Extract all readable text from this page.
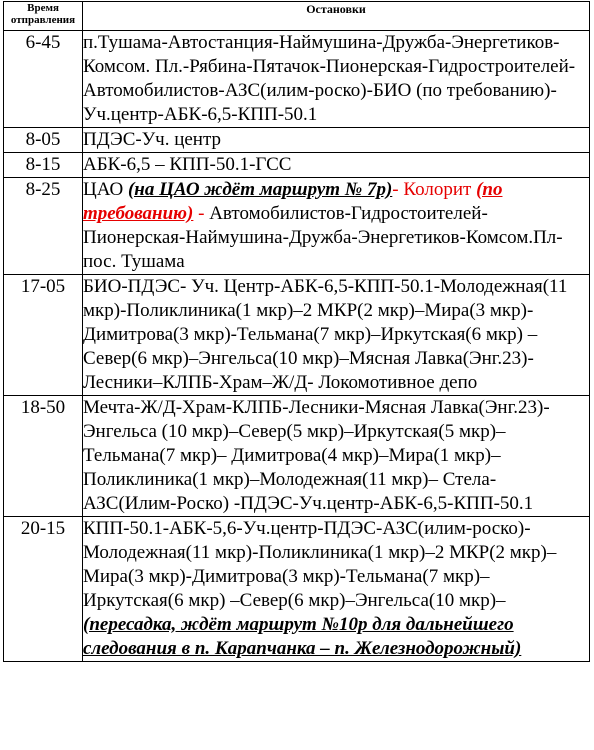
Время отправления	Остановки
6-45	п.Тушама-Автостанция-Наймушина-Дружба-Энергетиков-Комсом. Пл.-Рябина-Пятачок-Пионерская-Гидростроителей-Автомобилистов-АЗС(илим-роско)-БИО (по требованию)-Уч.центр-АБК-6,5-КПП-50.1
8-05	ПДЭС-Уч. центр
8-15	АБК-6,5 – КПП-50.1-ГСС
8-25	ЦАО (на ЦАО ждёт маршрут № 7р)- Колорит (по требованию) - Автомобилистов-Гидростоителей-Пионерская-Наймушина-Дружба-Энергетиков-Комсом.Пл-пос. Тушама
17-05	БИО-ПДЭС- Уч. Центр-АБК-6,5-КПП-50.1-Молодежная(11 мкр)-Поликлиника(1 мкр)–2 МКР(2 мкр)–Мира(3 мкр)-Димитрова(3 мкр)-Тельмана(7 мкр)–Иркутская(6 мкр) –Север(6 мкр)–Энгельса(10 мкр)–Мясная Лавка(Энг.23)-Лесники–КЛПБ-Храм–Ж/Д- Локомотивное депо
18-50	Мечта-Ж/Д-Храм-КЛПБ-Лесники-Мясная Лавка(Энг.23)- Энгельса (10 мкр)–Север(5 мкр)–Иркутская(5 мкр)–Тельмана(7 мкр)– Димитрова(4 мкр)–Мира(1 мкр)–Поликлиника(1 мкр)–Молодежная(11 мкр)– Стела-АЗС(Илим-Роско) -ПДЭС-Уч.центр-АБК-6,5-КПП-50.1
20-15	КПП-50.1-АБК-5,6-Уч.центр-ПДЭС-АЗС(илим-роско)-Молодежная(11 мкр)-Поликлиника(1 мкр)–2 МКР(2 мкр)–Мира(3 мкр)-Димитрова(3 мкр)-Тельмана(7 мкр)–Иркутская(6 мкр) –Север(6 мкр)–Энгельса(10 мкр)– (пересадка, ждёт маршрут №10р для дальнейшего следования в п. Карапчанка – п. Железнодорожный)
